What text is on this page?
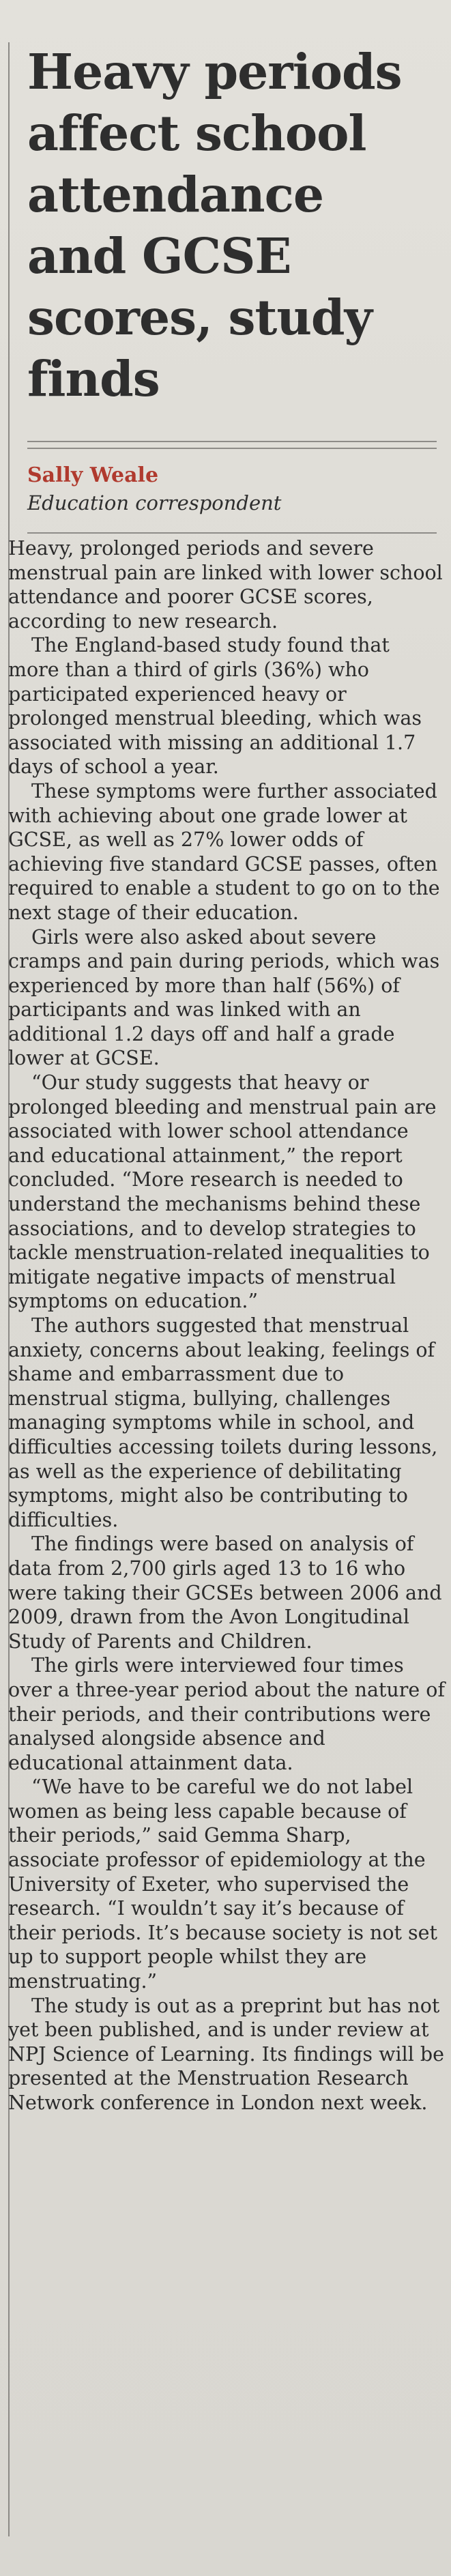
Heavy periods affect school attendance and GCSE scores, study finds
Sally Weale
Education correspondent

Heavy, prolonged periods and severe menstrual pain are linked with lower school attendance and poorer GCSE scores, according to new research.

The England-based study found that more than a third of girls (36%) who participated experienced heavy or prolonged menstrual bleeding, which was associated with missing an additional 1.7 days of school a year.

These symptoms were further associated with achieving about one grade lower at GCSE, as well as 27% lower odds of achieving five standard GCSE passes, often required to enable a student to go on to the next stage of their education.

Girls were also asked about severe cramps and pain during periods, which was experienced by more than half (56%) of participants and was linked with an additional 1.2 days off and half a grade lower at GCSE.

“Our study suggests that heavy or prolonged bleeding and menstrual pain are associated with lower school attendance and educational attainment,” the report concluded. “More research is needed to understand the mechanisms behind these associations, and to develop strategies to tackle menstruation-related inequalities to mitigate negative impacts of menstrual symptoms on education.”

The authors suggested that menstrual anxiety, concerns about leaking, feelings of shame and embarrassment due to menstrual stigma, bullying, challenges managing symptoms while in school, and difficulties accessing toilets during lessons, as well as the experience of debilitating symptoms, might also be contributing to difficulties.

The findings were based on analysis of data from 2,700 girls aged 13 to 16 who were taking their GCSEs between 2006 and 2009, drawn from the Avon Longitudinal Study of Parents and Children.

The girls were interviewed four times over a three-year period about the nature of their periods, and their contributions were analysed alongside absence and educational attainment data.

“We have to be careful we do not label women as being less capable because of their periods,” said Gemma Sharp, associate professor of epidemiology at the University of Exeter, who supervised the research. “I wouldn’t say it’s because of their periods. It’s because society is not set up to support people whilst they are menstruating.”

The study is out as a preprint but has not yet been published, and is under review at NPJ Science of Learning. Its findings will be presented at the Menstruation Research Network conference in London next week.
